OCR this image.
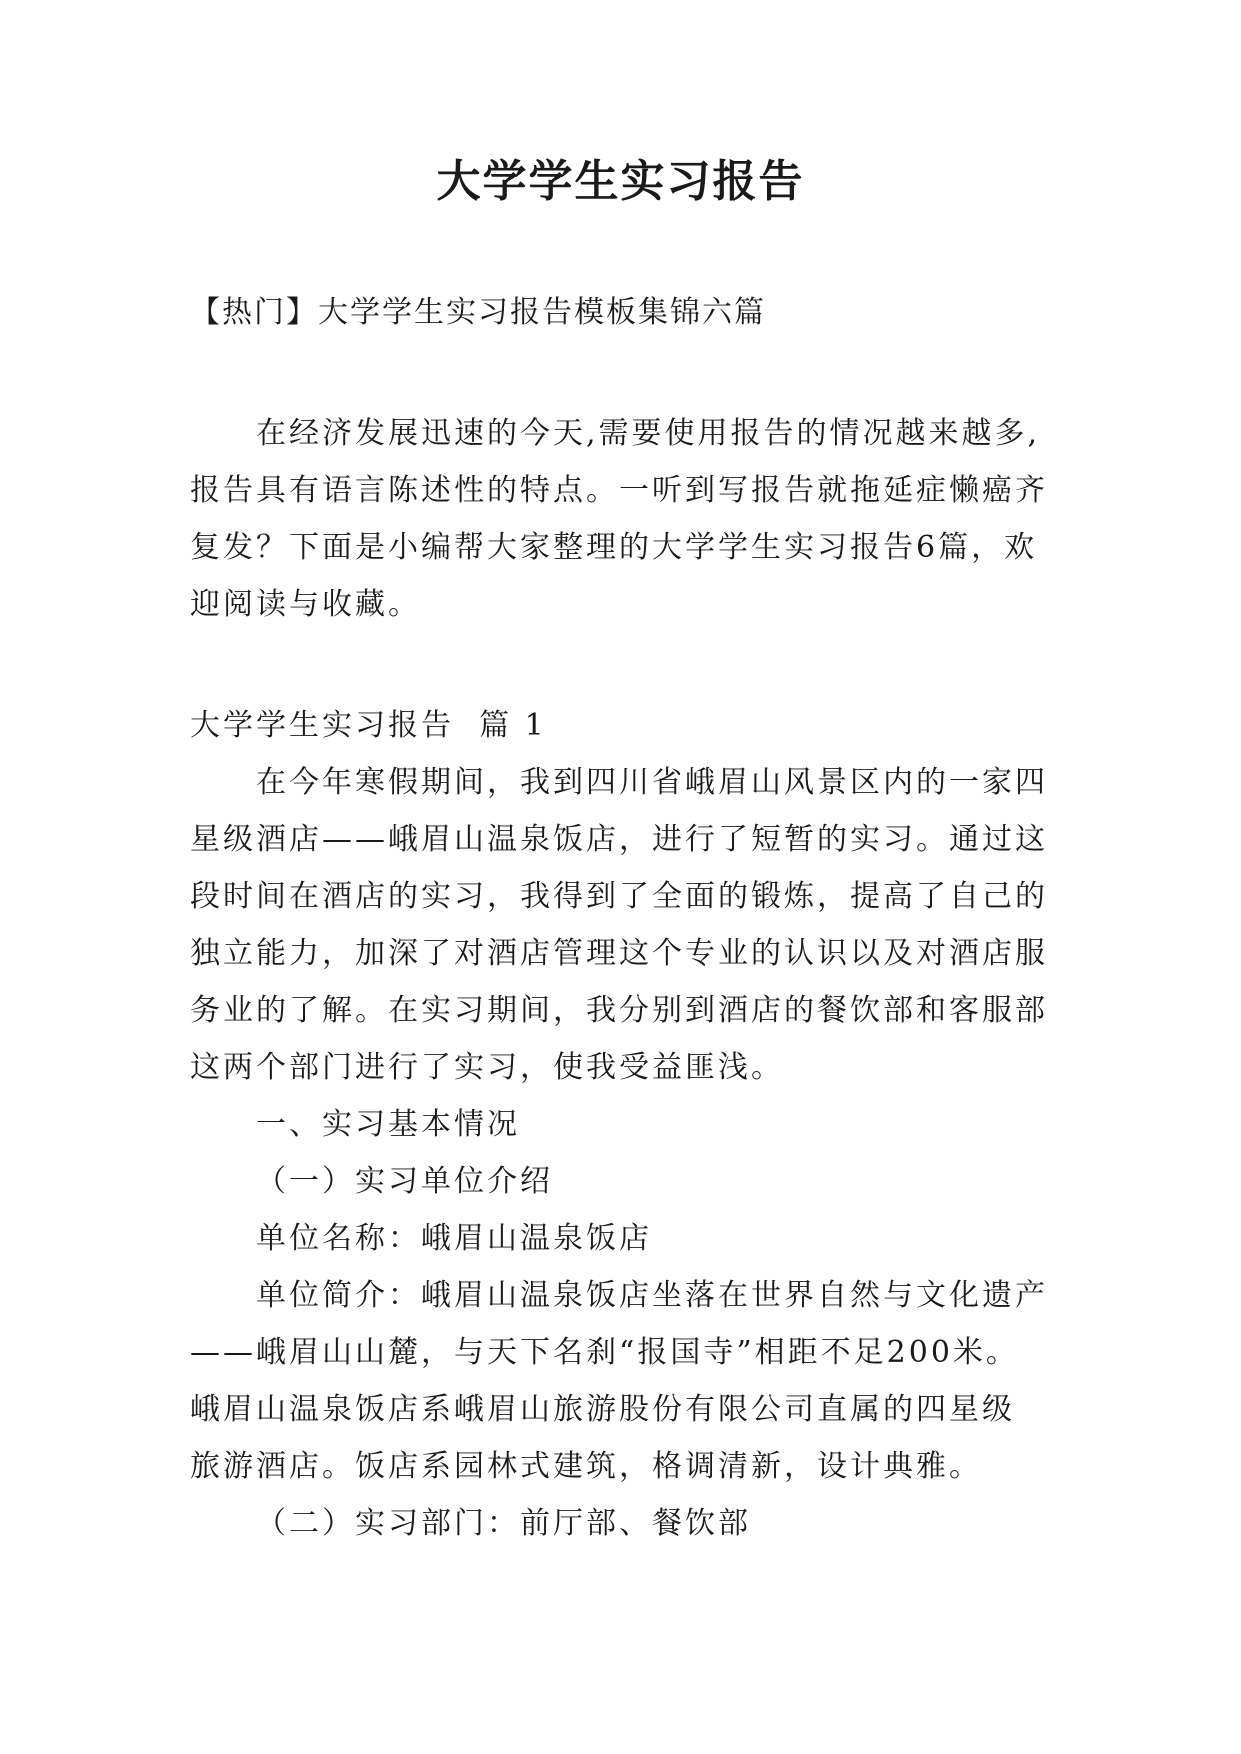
大学学生实习报告
【热门】大学学生实习报告模板集锦六篇
在经济发展迅速的今天,需要使用报告的情况越来越多,
报告具有语言陈述性的特点。一听到写报告就拖延症懒癌齐
复发？下面是小编帮大家整理的大学学生实习报告6篇，欢
迎阅读与收藏。
大学学生实习报告  篇 1
在今年寒假期间，我到四川省峨眉山风景区内的一家四
星级酒店——峨眉山温泉饭店，进行了短暂的实习。通过这
段时间在酒店的实习，我得到了全面的锻炼，提高了自己的
独立能力，加深了对酒店管理这个专业的认识以及对酒店服
务业的了解。在实习期间，我分别到酒店的餐饮部和客服部
这两个部门进行了实习，使我受益匪浅。
一、实习基本情况
（一）实习单位介绍
单位名称：峨眉山温泉饭店
单位简介：峨眉山温泉饭店坐落在世界自然与文化遗产
——峨眉山山麓，与天下名刹“报国寺”相距不足200米。
峨眉山温泉饭店系峨眉山旅游股份有限公司直属的四星级
旅游酒店。饭店系园林式建筑，格调清新，设计典雅。
（二）实习部门：前厅部、餐饮部
